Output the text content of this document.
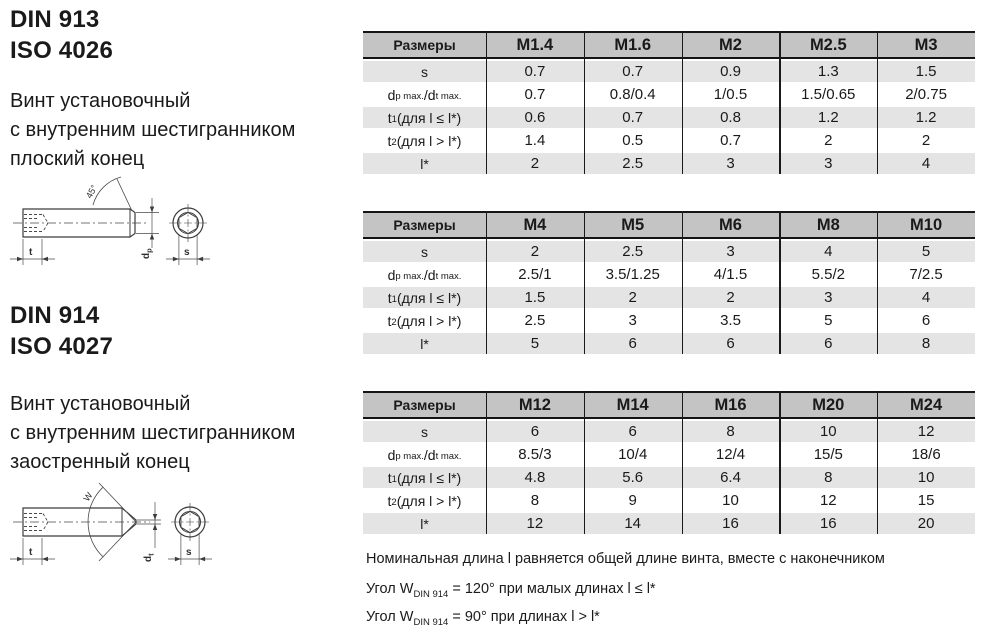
DIN 913
ISO 4026
Винт установочный
с внутренним шестигранником
плоский конец
45°
t	$d_p$	s
DIN 914
ISO 4027
Винт установочный
с внутренним шестигранником
заостренный конец
W
t
$d_t$	s
Размеры	M1.4	M1.6	M2	M2.5	M3
s	0.7	0.7	0.9	1.3	1.5
d p max. /d t max.	0.7	0.8/0.4	1/0.5	1.5/0.65	2/0.75
t 1 (для l ≤ l*)	0.6	0.7	0.8	1.2	1.2
t 2 (для l > l*)	1.4	0.5	0.7	2	2
l*	2	2.5	3	3	4
Размеры	M4	M5	M6	M8	M10
s	2	2.5	3	4	5
d p max. /d t max.	2.5/1	3.5/1.25	4/1.5	5.5/2	7/2.5
t 1 (для l ≤ l*)	1.5	2	2	3	4
t 2 (для l > l*)	2.5	3	3.5	5	6
l*	5	6	6	6	8
Размеры	M12	M14	M16	M20	M24
s	6	6	8	10	12
d p max. /d t max.	8.5/3	10/4	12/4	15/5	18/6
t 1 (для l ≤ l*)	4.8	5.6	6.4	8	10
t 2 (для l > l*)	8	9	10	12	15
l*	12	14	16	16	20
Номинальная длина l равняется общей длине винта, вместе с наконечником
Угол $W_{DIN 914} = 120^\circ$ при малых длинах l ≤ l*
Угол $W_{DIN 914} = 90^\circ$ при длинах l > l*
